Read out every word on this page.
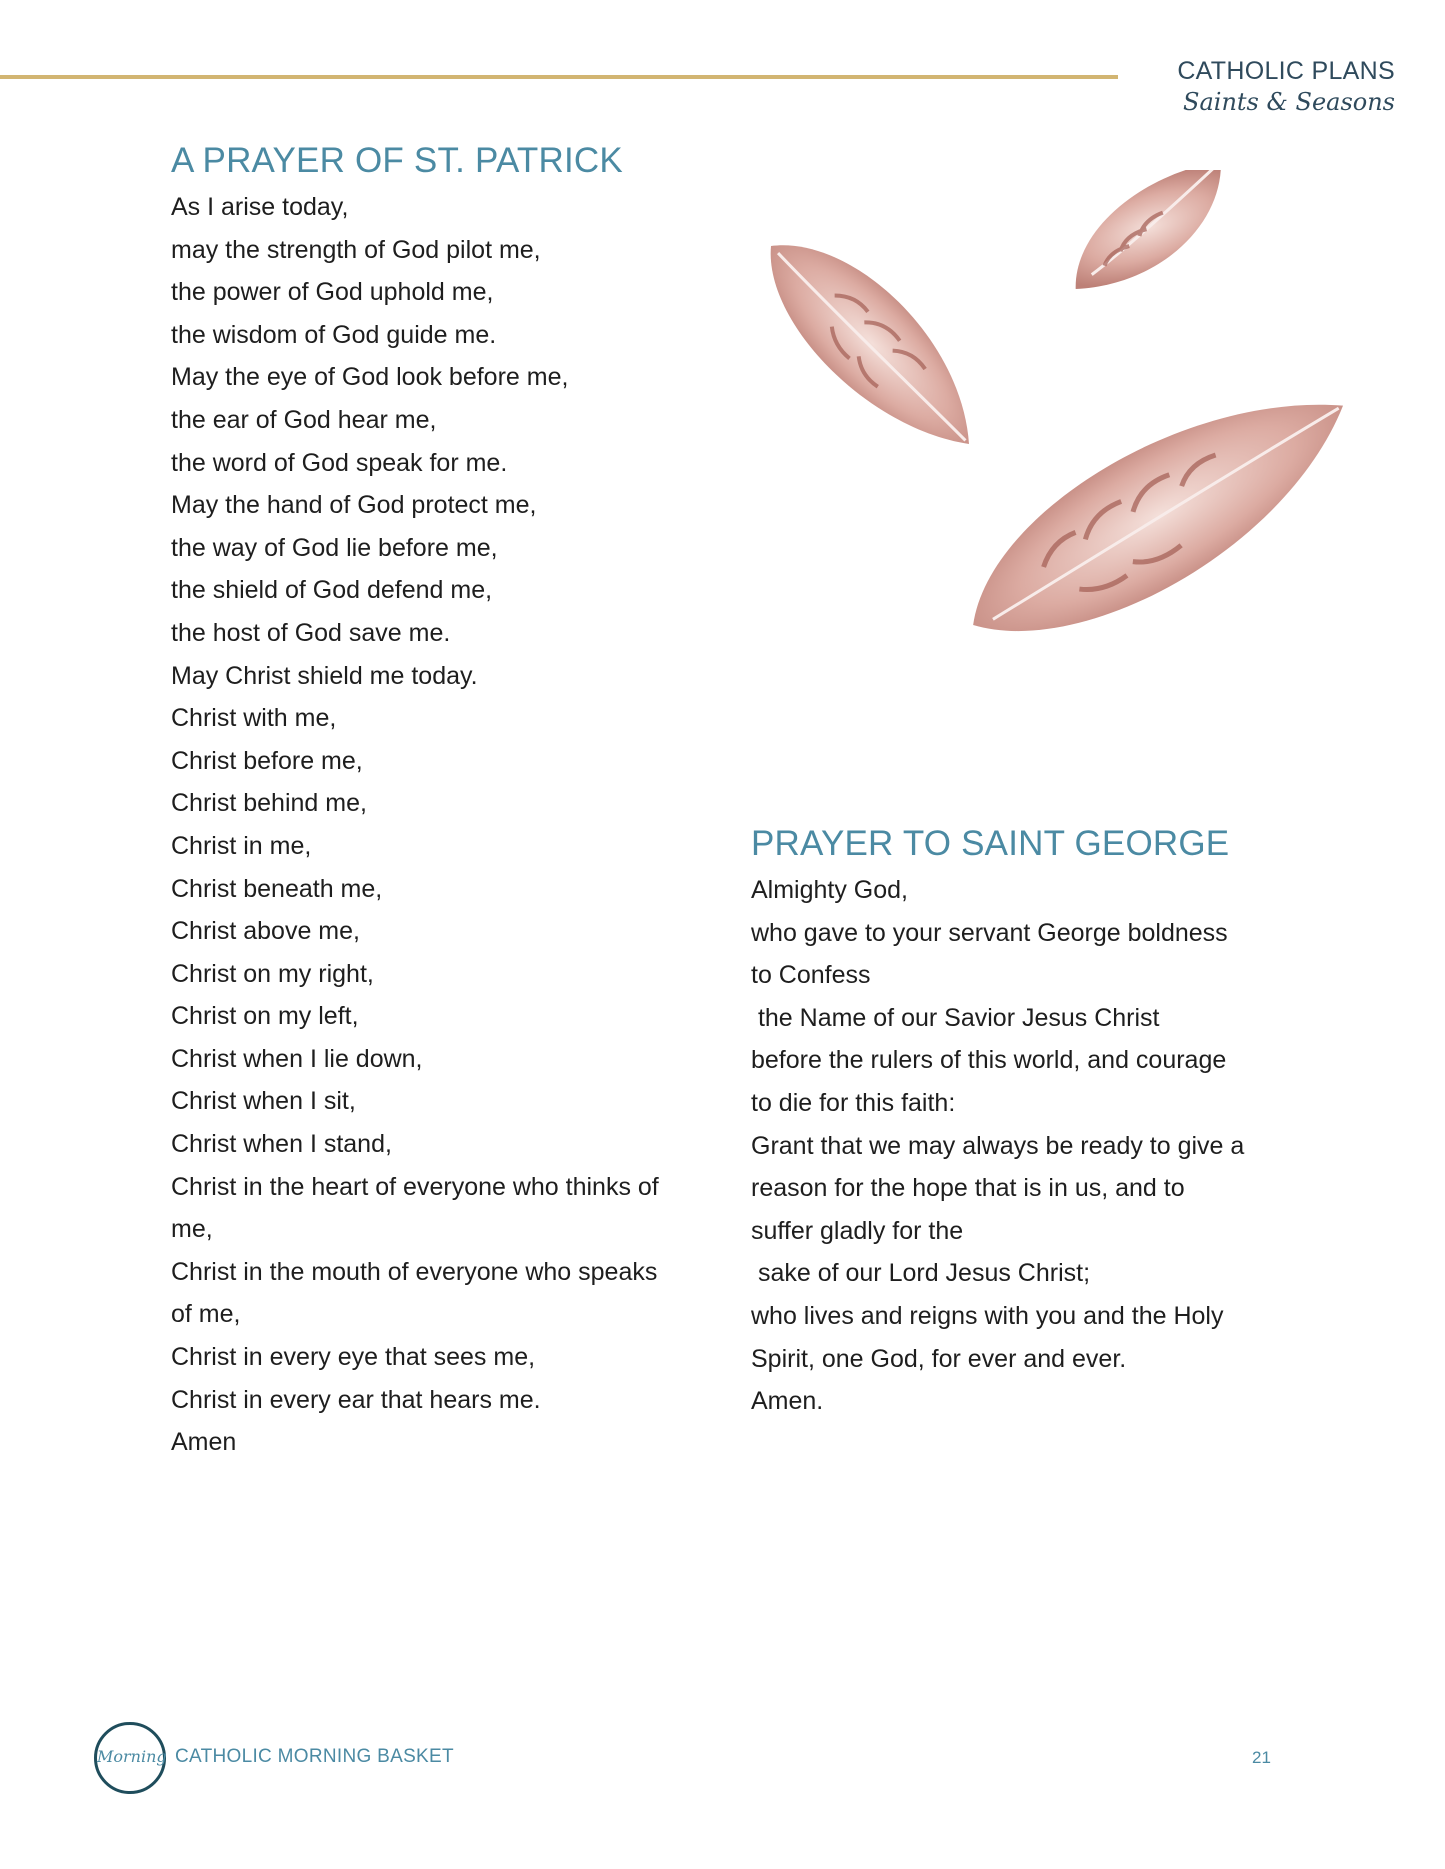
CATHOLIC PLANS
Saints & Seasons
A PRAYER OF ST. PATRICK
As I arise today,
may the strength of God pilot me,
the power of God uphold me,
the wisdom of God guide me.
May the eye of God look before me,
the ear of God hear me,
the word of God speak for me.
May the hand of God protect me,
the way of God lie before me,
the shield of God defend me,
the host of God save me.
May Christ shield me today.
Christ with me,
Christ before me,
Christ behind me,
Christ in me,
Christ beneath me,
Christ above me,
Christ on my right,
Christ on my left,
Christ when I lie down,
Christ when I sit,
Christ when I stand,
Christ in the heart of everyone who thinks of
me,
Christ in the mouth of everyone who speaks
of me,
Christ in every eye that sees me,
Christ in every ear that hears me.
Amen
PRAYER TO SAINT GEORGE
Almighty God,
who gave to your servant George boldness
to Confess
the Name of our Savior Jesus Christ
before the rulers of this world, and courage
to die for this faith:
Grant that we may always be ready to give a
reason for the hope that is in us, and to
suffer gladly for the
sake of our Lord Jesus Christ;
who lives and reigns with you and the Holy
Spirit, one God, for ever and ever.
Amen.
Morning CATHOLIC MORNING BASKET	21
